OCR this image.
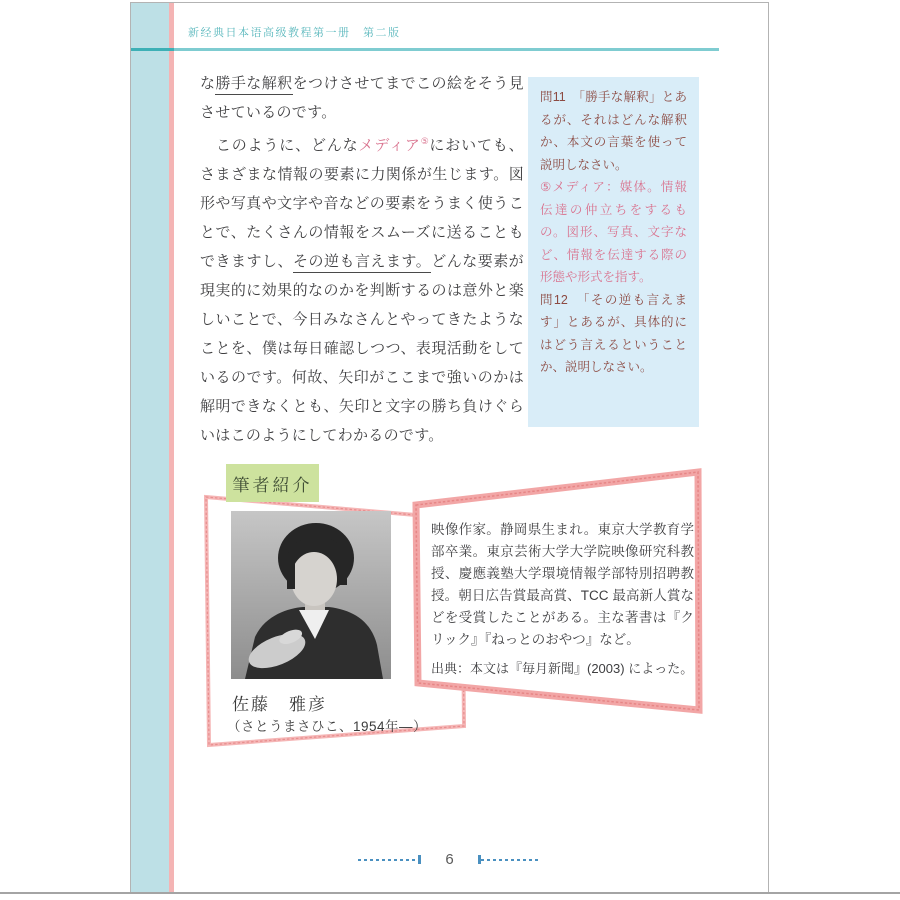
新经典日本语高级教程第一册　第二版

な勝手な解釈をつけさせてまでこの絵をそう見させているのです。

　このように、どんなメディア⑤においても、さまざまな情報の要素に力関係が生じます。図形や写真や文字や音などの要素をうまく使うことで、たくさんの情報をスムーズに送ることもできますし、その逆も言えます。どんな要素が現実的に効果的なのかを判断するのは意外と楽しいことで、今日みなさんとやってきたようなことを、僕は毎日確認しつつ、表現活動をしているのです。何故、矢印がここまで強いのかは解明できなくとも、矢印と文字の勝ち負けぐらいはこのようにしてわかるのです。

問11　「勝手な解釈」とあるが、それはどんな解釈か、本文の言葉を使って説明しなさい。

⑤メディア：媒体。情報伝達の仲立ちをするもの。図形、写真、文字など、情報を伝達する際の形態や形式を指す。

問12　「その逆も言えます」とあるが、具体的にはどう言えるということか、説明しなさい。

筆者紹介
佐藤　雅彦
（さとうまさひこ、1954年—）

映像作家。静岡県生まれ。東京大学教育学部卒業。東京芸術大学大学院映像研究科教授、慶應義塾大学環境情報学部特別招聘教授。朝日広告賞最高賞、TCC 最高新人賞などを受賞したことがある。主な著書は『クリック』『ねっとのおやつ』など。

出典：本文は『毎月新聞』(2003) によった。
6
